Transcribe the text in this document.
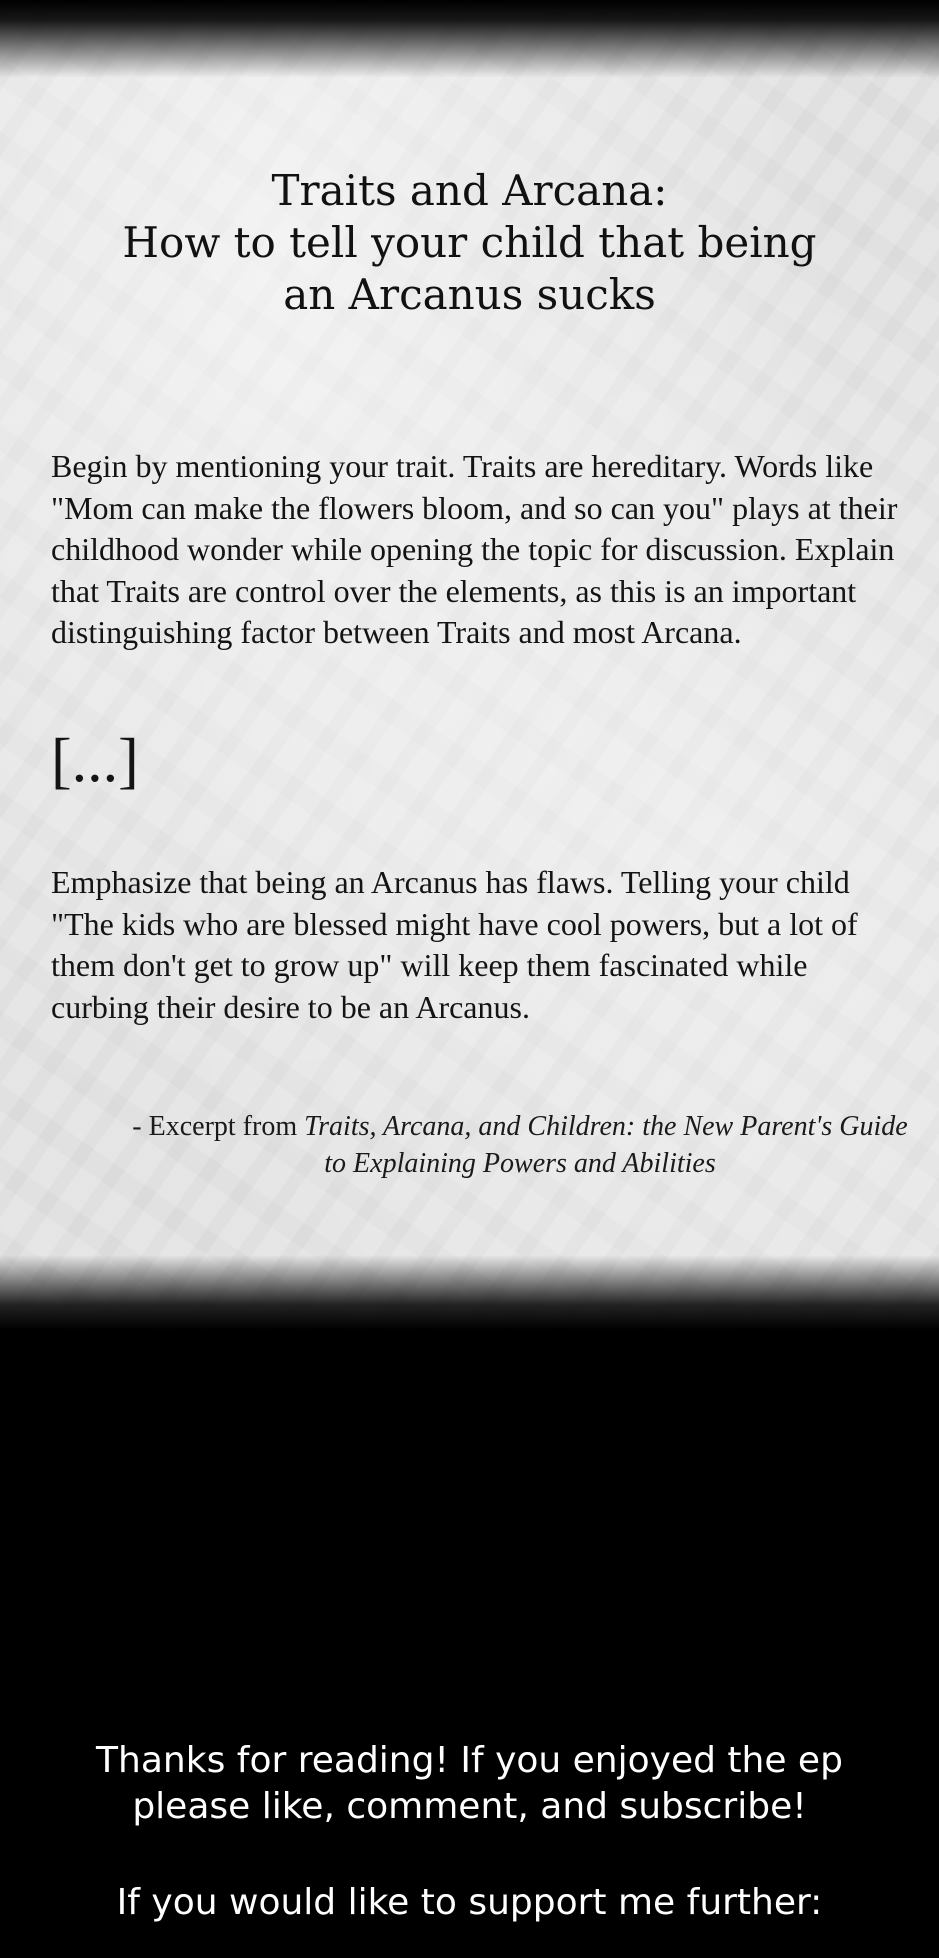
Traits and Arcana:
How to tell your child that being
an Arcanus sucks

Begin by mentioning your trait. Traits are hereditary. Words like "Mom can make the flowers bloom, and so can you" plays at their childhood wonder while opening the topic for discussion. Explain that Traits are control over the elements, as this is an important distinguishing factor between Traits and most Arcana.

[...]

Emphasize that being an Arcanus has flaws. Telling your child "The kids who are blessed might have cool powers, but a lot of them don't get to grow up" will keep them fascinated while curbing their desire to be an Arcanus.

- Excerpt from Traits, Arcana, and Children: the New Parent's Guide to Explaining Powers and Abilities

Thanks for reading! If you enjoyed the ep
please like, comment, and subscribe!

If you would like to support me further:
